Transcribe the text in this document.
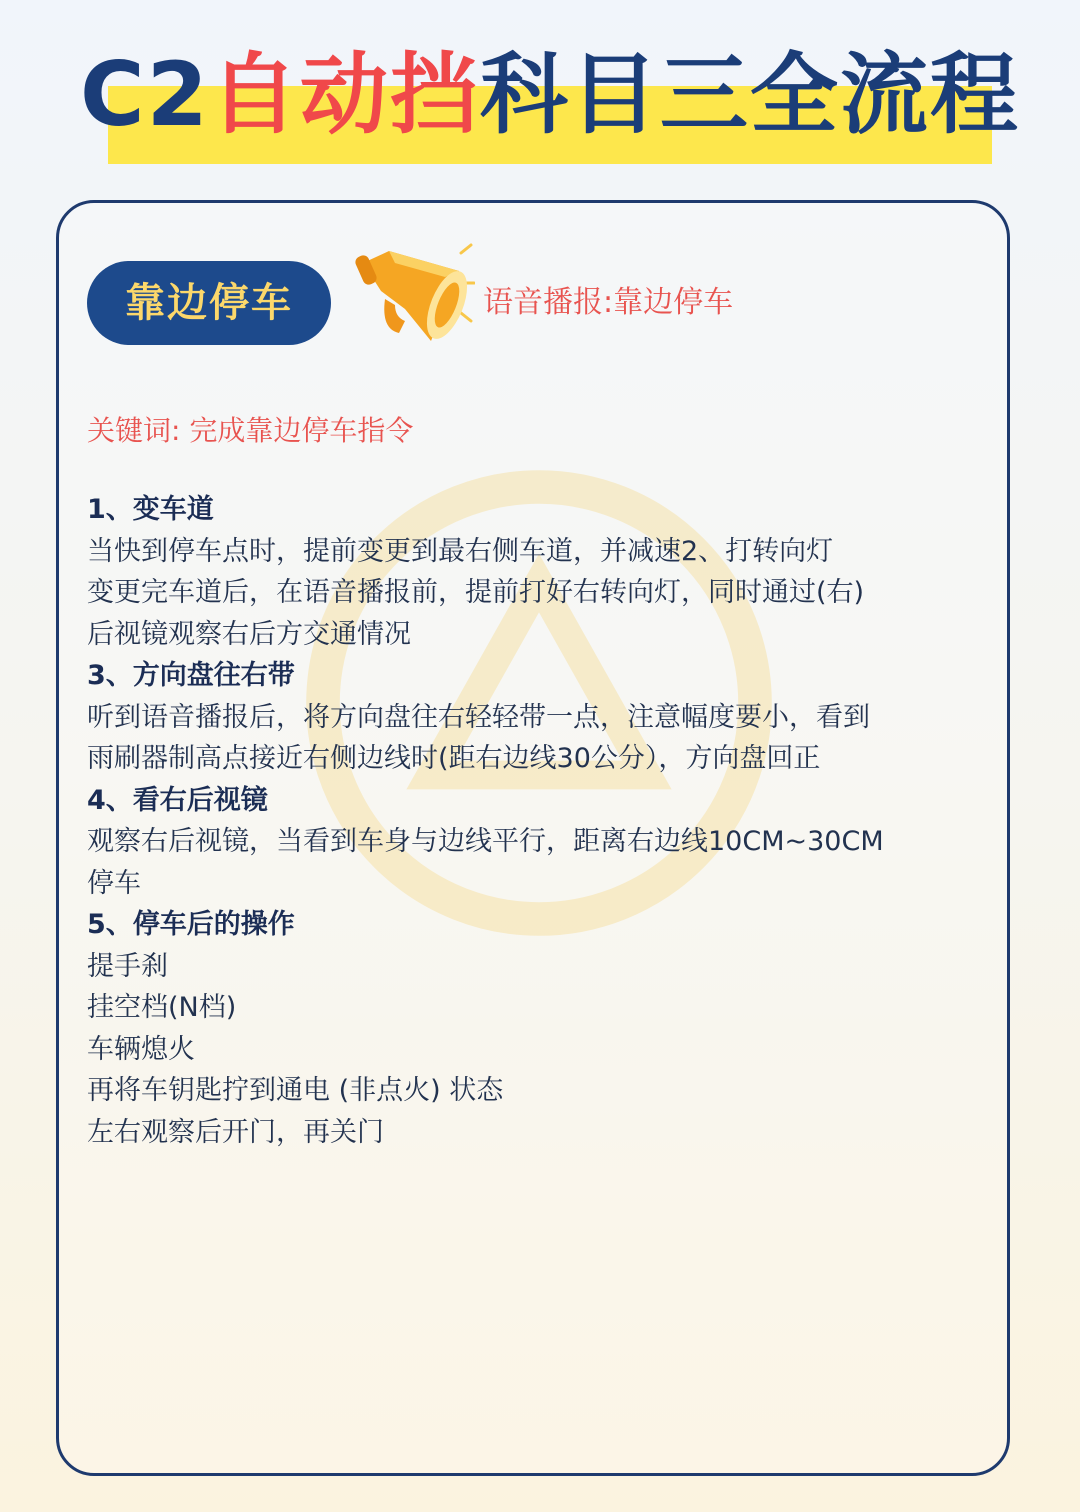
C2自动挡科目三全流程
靠边停车	语音播报:靠边停车
关键词: 完成靠边停车指令
1、变车道
当快到停车点时，提前变更到最右侧车道，并减速2、打转向灯
变更完车道后，在语音播报前，提前打好右转向灯，同时通过(右)
后视镜观察右后方交通情况
3、方向盘往右带
听到语音播报后，将方向盘往右轻轻带一点，注意幅度要小，看到
雨刷器制高点接近右侧边线时(距右边线30公分），方向盘回正
4、看右后视镜
观察右后视镜，当看到车身与边线平行，距离右边线10CM~30CM
停车
5、停车后的操作
提手刹
挂空档(N档)
车辆熄火
再将车钥匙拧到通电 (非点火) 状态
左右观察后开门，再关门
